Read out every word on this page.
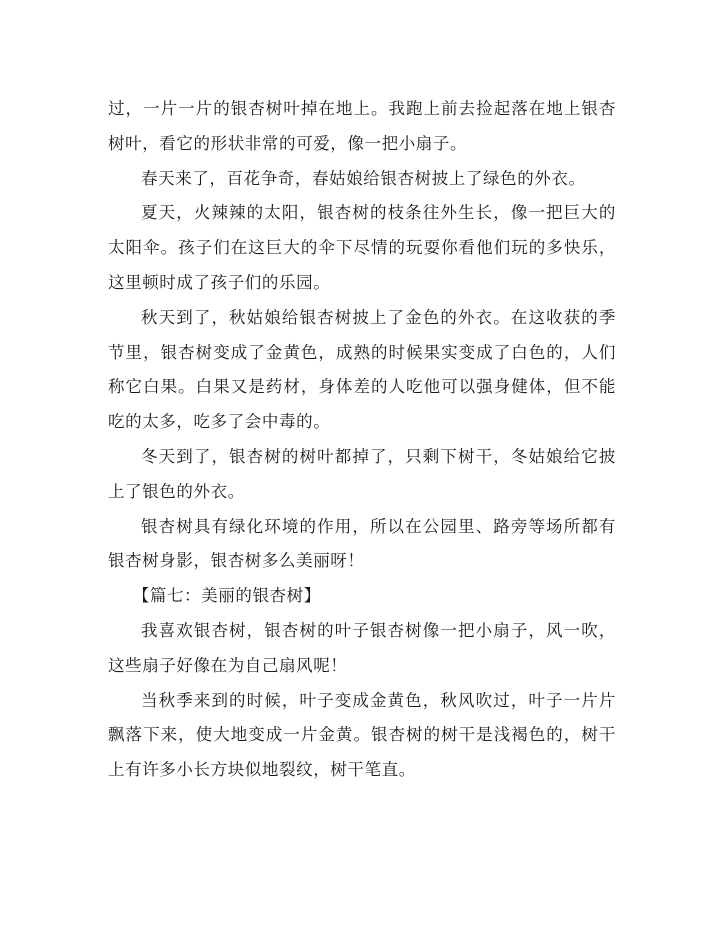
过，一片一片的银杏树叶掉在地上。我跑上前去捡起落在地上银杏树叶，看它的形状非常的可爱，像一把小扇子。

春天来了，百花争奇，春姑娘给银杏树披上了绿色的外衣。

夏天，火辣辣的太阳，银杏树的枝条往外生长，像一把巨大的太阳伞。孩子们在这巨大的伞下尽情的玩耍你看他们玩的多快乐，这里顿时成了孩子们的乐园。

秋天到了，秋姑娘给银杏树披上了金色的外衣。在这收获的季节里，银杏树变成了金黄色，成熟的时候果实变成了白色的，人们称它白果。白果又是药材，身体差的人吃他可以强身健体，但不能吃的太多，吃多了会中毒的。

冬天到了，银杏树的树叶都掉了，只剩下树干，冬姑娘给它披上了银色的外衣。

银杏树具有绿化环境的作用，所以在公园里、路旁等场所都有银杏树身影，银杏树多么美丽呀！

【篇七：美丽的银杏树】

我喜欢银杏树，银杏树的叶子银杏树像一把小扇子，风一吹，这些扇子好像在为自己扇风呢！

当秋季来到的时候，叶子变成金黄色，秋风吹过，叶子一片片飘落下来，使大地变成一片金黄。银杏树的树干是浅褐色的，树干上有许多小长方块似地裂纹，树干笔直。
